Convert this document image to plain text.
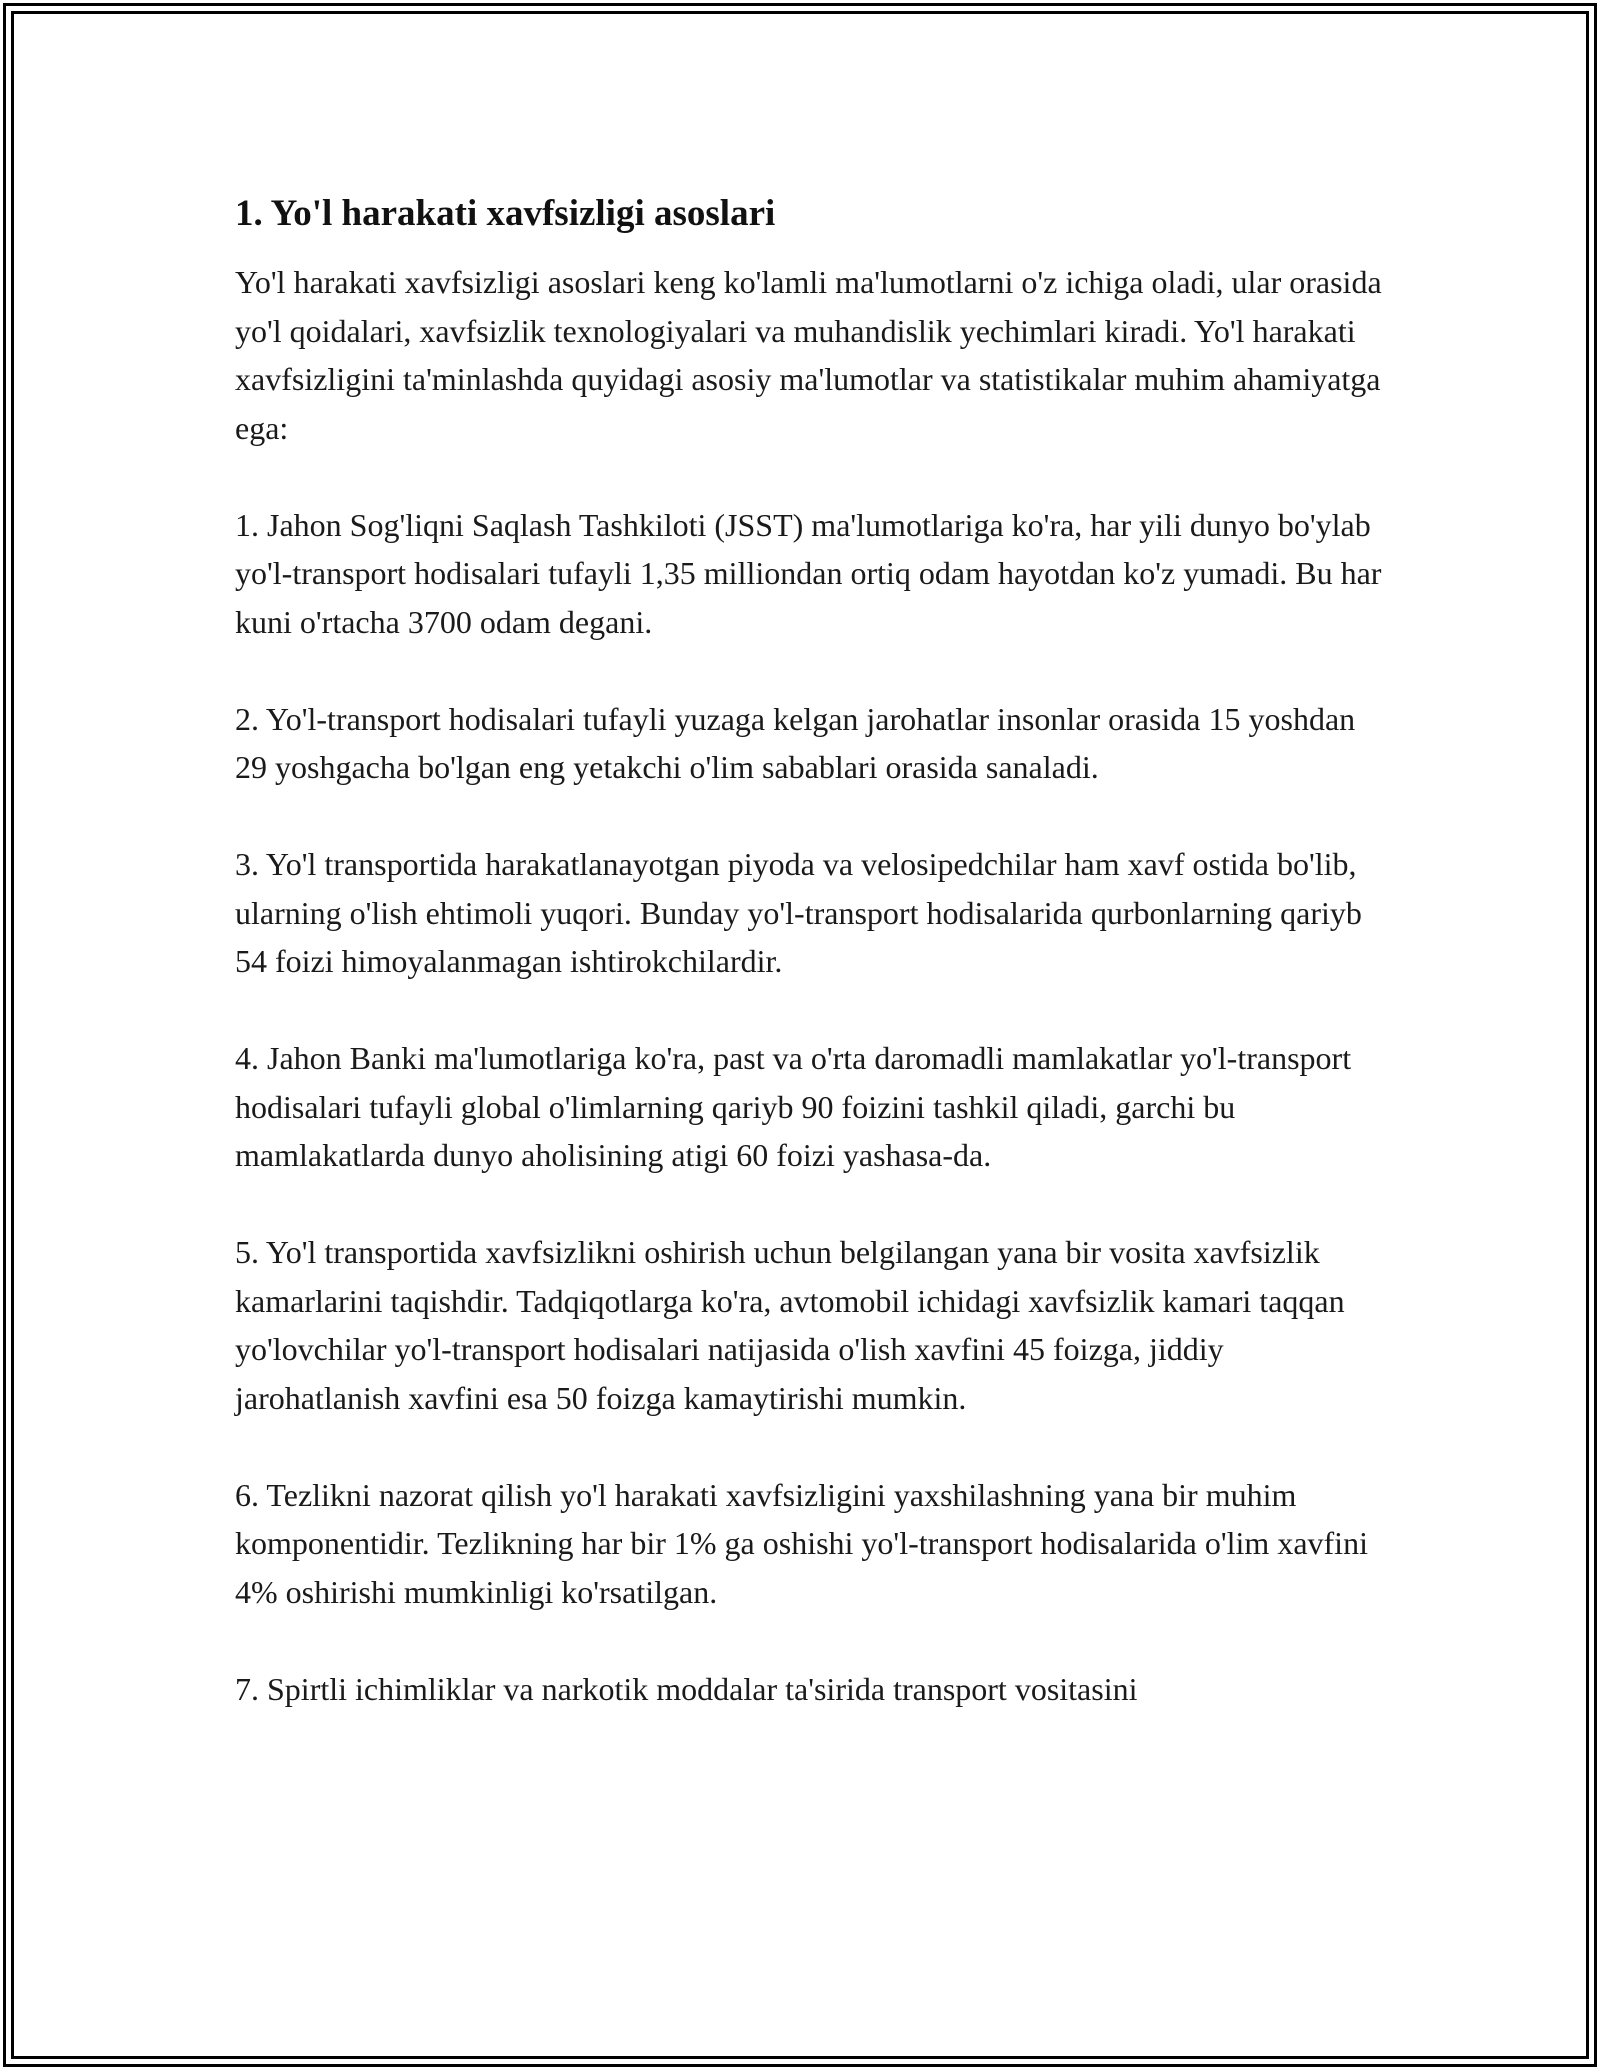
1. Yo'l harakati xavfsizligi asoslari

Yo'l harakati xavfsizligi asoslari keng ko'lamli ma'lumotlarni o'z ichiga oladi, ular orasida yo'l qoidalari, xavfsizlik texnologiyalari va muhandislik yechimlari kiradi. Yo'l harakati xavfsizligini ta'minlashda quyidagi asosiy ma'lumotlar va statistikalar muhim ahamiyatga ega:

1. Jahon Sog'liqni Saqlash Tashkiloti (JSST) ma'lumotlariga ko'ra, har yili dunyo bo'ylab yo'l-transport hodisalari tufayli 1,35 milliondan ortiq odam hayotdan ko'z yumadi. Bu har kuni o'rtacha 3700 odam degani.

2. Yo'l-transport hodisalari tufayli yuzaga kelgan jarohatlar insonlar orasida 15 yoshdan 29 yoshgacha bo'lgan eng yetakchi o'lim sabablari orasida sanaladi.

3. Yo'l transportida harakatlanayotgan piyoda va velosipedchilar ham xavf ostida bo'lib, ularning o'lish ehtimoli yuqori. Bunday yo'l-transport hodisalarida qurbonlarning qariyb 54 foizi himoyalanmagan ishtirokchilardir.

4. Jahon Banki ma'lumotlariga ko'ra, past va o'rta daromadli mamlakatlar yo'l-transport hodisalari tufayli global o'limlarning qariyb 90 foizini tashkil qiladi, garchi bu mamlakatlarda dunyo aholisining atigi 60 foizi yashasa-da.

5. Yo'l transportida xavfsizlikni oshirish uchun belgilangan yana bir vosita xavfsizlik kamarlarini taqishdir. Tadqiqotlarga ko'ra, avtomobil ichidagi xavfsizlik kamari taqqan yo'lovchilar yo'l-transport hodisalari natijasida o'lish xavfini 45 foizga, jiddiy jarohatlanish xavfini esa 50 foizga kamaytirishi mumkin.

6. Tezlikni nazorat qilish yo'l harakati xavfsizligini yaxshilashning yana bir muhim komponentidir. Tezlikning har bir 1% ga oshishi yo'l-transport hodisalarida o'lim xavfini 4% oshirishi mumkinligi ko'rsatilgan.

7. Spirtli ichimliklar va narkotik moddalar ta'sirida transport vositasini
